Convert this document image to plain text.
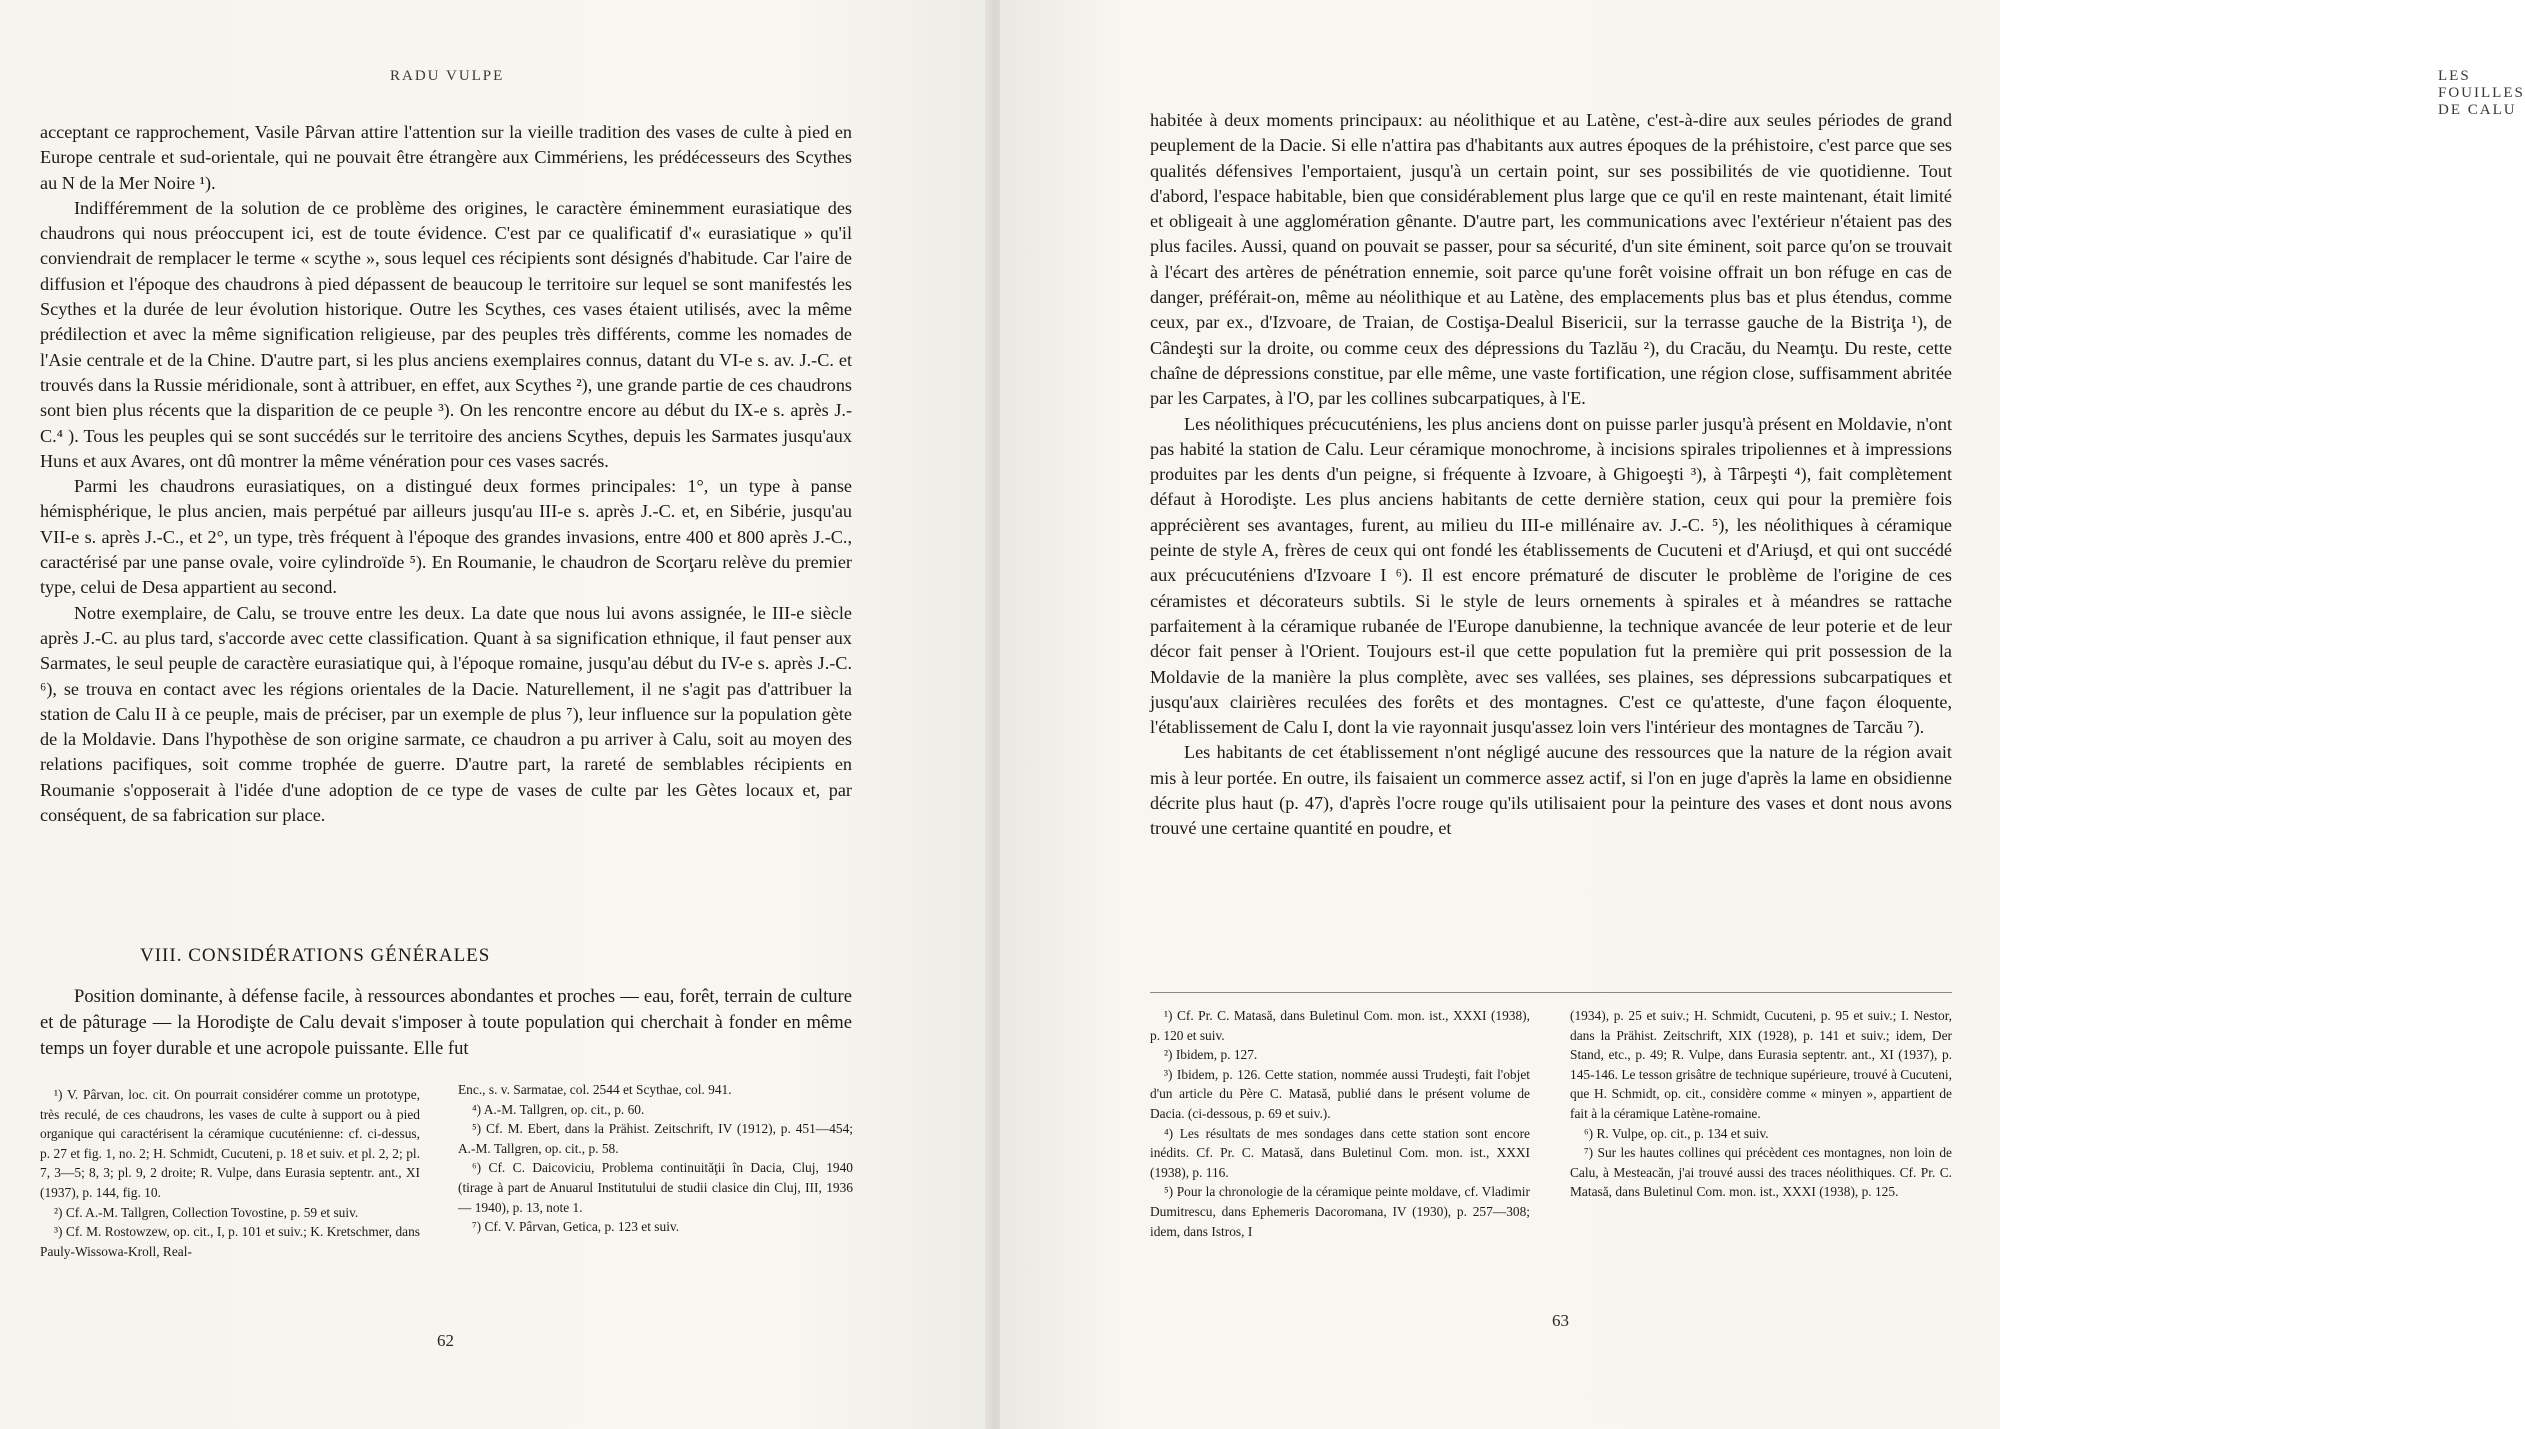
RADU VULPE

acceptant ce rapprochement, Vasile Pârvan attire l'attention sur la vieille tradition des vases de culte à pied en Europe centrale et sud-orientale, qui ne pouvait être étrangère aux Cimmériens, les prédécesseurs des Scythes au N de la Mer Noire ¹).

Indifféremment de la solution de ce problème des origines, le caractère éminemment eurasiatique des chaudrons qui nous préoccupent ici, est de toute évidence. C'est par ce qualificatif d'« eurasiatique » qu'il conviendrait de remplacer le terme « scythe », sous lequel ces récipients sont désignés d'habitude. Car l'aire de diffusion et l'époque des chaudrons à pied dépassent de beaucoup le territoire sur lequel se sont manifestés les Scythes et la durée de leur évolution historique. Outre les Scythes, ces vases étaient utilisés, avec la même prédilection et avec la même signification religieuse, par des peuples très différents, comme les nomades de l'Asie centrale et de la Chine. D'autre part, si les plus anciens exemplaires connus, datant du VI-e s. av. J.-C. et trouvés dans la Russie méridionale, sont à attribuer, en effet, aux Scythes ²), une grande partie de ces chaudrons sont bien plus récents que la disparition de ce peuple ³). On les rencontre encore au début du IX-e s. après J.-C.⁴ ). Tous les peuples qui se sont succédés sur le territoire des anciens Scythes, depuis les Sarmates jusqu'aux Huns et aux Avares, ont dû montrer la même vénération pour ces vases sacrés.

Parmi les chaudrons eurasiatiques, on a distingué deux formes principales: 1°, un type à panse hémisphérique, le plus ancien, mais perpétué par ailleurs jusqu'au III-e s. après J.-C. et, en Sibérie, jusqu'au VII-e s. après J.-C., et 2°, un type, très fréquent à l'époque des grandes invasions, entre 400 et 800 après J.-C., caractérisé par une panse ovale, voire cylindroïde ⁵). En Roumanie, le chaudron de Scorţaru relève du premier type, celui de Desa appartient au second.

Notre exemplaire, de Calu, se trouve entre les deux. La date que nous lui avons assignée, le III-e siècle après J.-C. au plus tard, s'accorde avec cette classification. Quant à sa signification ethnique, il faut penser aux Sarmates, le seul peuple de caractère eurasiatique qui, à l'époque romaine, jusqu'au début du IV-e s. après J.-C. ⁶), se trouva en contact avec les régions orientales de la Dacie. Naturellement, il ne s'agit pas d'attribuer la station de Calu II à ce peuple, mais de préciser, par un exemple de plus ⁷), leur influence sur la population gète de la Moldavie. Dans l'hypothèse de son origine sarmate, ce chaudron a pu arriver à Calu, soit au moyen des relations pacifiques, soit comme trophée de guerre. D'autre part, la rareté de semblables récipients en Roumanie s'opposerait à l'idée d'une adoption de ce type de vases de culte par les Gètes locaux et, par conséquent, de sa fabrication sur place.

VIII. CONSIDÉRATIONS GÉNÉRALES

Position dominante, à défense facile, à ressources abondantes et proches — eau, forêt, terrain de culture et de pâturage — la Horodişte de Calu devait s'imposer à toute population qui cherchait à fonder en même temps un foyer durable et une acropole puissante. Elle fut

¹) V. Pârvan, loc. cit. On pourrait considérer comme un prototype, très reculé, de ces chaudrons, les vases de culte à support ou à pied organique qui caractérisent la céramique cucuténienne: cf. ci-dessus, p. 27 et fig. 1, no. 2; H. Schmidt, Cucuteni, p. 18 et suiv. et pl. 2, 2; pl. 7, 3—5; 8, 3; pl. 9, 2 droite; R. Vulpe, dans Eurasia septentr. ant., XI (1937), p. 144, fig. 10.

²) Cf. A.-M. Tallgren, Collection Tovostine, p. 59 et suiv.

³) Cf. M. Rostowzew, op. cit., I, p. 101 et suiv.; K. Kretschmer, dans Pauly-Wissowa-Kroll, Real-

Enc., s. v. Sarmatae, col. 2544 et Scythae, col. 941.

⁴) A.-M. Tallgren, op. cit., p. 60.

⁵) Cf. M. Ebert, dans la Prähist. Zeitschrift, IV (1912), p. 451—454; A.-M. Tallgren, op. cit., p. 58.

⁶) Cf. C. Daicoviciu, Problema continuităţii în Dacia, Cluj, 1940 (tirage à part de Anuarul Institutului de studii clasice din Cluj, III, 1936 — 1940), p. 13, note 1.

⁷) Cf. V. Pârvan, Getica, p. 123 et suiv.

62
LES FOUILLES DE CALU

habitée à deux moments principaux: au néolithique et au Latène, c'est-à-dire aux seules périodes de grand peuplement de la Dacie. Si elle n'attira pas d'habitants aux autres époques de la préhistoire, c'est parce que ses qualités défensives l'emportaient, jusqu'à un certain point, sur ses possibilités de vie quotidienne. Tout d'abord, l'espace habitable, bien que considérablement plus large que ce qu'il en reste maintenant, était limité et obligeait à une agglomération gênante. D'autre part, les communications avec l'extérieur n'étaient pas des plus faciles. Aussi, quand on pouvait se passer, pour sa sécurité, d'un site éminent, soit parce qu'on se trouvait à l'écart des artères de pénétration ennemie, soit parce qu'une forêt voisine offrait un bon réfuge en cas de danger, préférait-on, même au néolithique et au Latène, des emplacements plus bas et plus étendus, comme ceux, par ex., d'Izvoare, de Traian, de Costişa-Dealul Bisericii, sur la terrasse gauche de la Bistriţa ¹), de Cândeşti sur la droite, ou comme ceux des dépressions du Tazlău ²), du Cracău, du Neamţu. Du reste, cette chaîne de dépressions constitue, par elle même, une vaste fortification, une région close, suffisamment abritée par les Carpates, à l'O, par les collines subcarpatiques, à l'E.

Les néolithiques précucuténiens, les plus anciens dont on puisse parler jusqu'à présent en Moldavie, n'ont pas habité la station de Calu. Leur céramique monochrome, à incisions spirales tripoliennes et à impressions produites par les dents d'un peigne, si fréquente à Izvoare, à Ghigoeşti ³), à Târpeşti ⁴), fait complètement défaut à Horodişte. Les plus anciens habitants de cette dernière station, ceux qui pour la première fois apprécièrent ses avantages, furent, au milieu du III-e millénaire av. J.-C. ⁵), les néolithiques à céramique peinte de style A, frères de ceux qui ont fondé les établissements de Cucuteni et d'Ariuşd, et qui ont succédé aux précucuténiens d'Izvoare I ⁶). Il est encore prématuré de discuter le problème de l'origine de ces céramistes et décorateurs subtils. Si le style de leurs ornements à spirales et à méandres se rattache parfaitement à la céramique rubanée de l'Europe danubienne, la technique avancée de leur poterie et de leur décor fait penser à l'Orient. Toujours est-il que cette population fut la première qui prit possession de la Moldavie de la manière la plus complète, avec ses vallées, ses plaines, ses dépressions subcarpatiques et jusqu'aux clairières reculées des forêts et des montagnes. C'est ce qu'atteste, d'une façon éloquente, l'établissement de Calu I, dont la vie rayonnait jusqu'assez loin vers l'intérieur des montagnes de Tarcău ⁷).

Les habitants de cet établissement n'ont négligé aucune des ressources que la nature de la région avait mis à leur portée. En outre, ils faisaient un commerce assez actif, si l'on en juge d'après la lame en obsidienne décrite plus haut (p. 47), d'après l'ocre rouge qu'ils utilisaient pour la peinture des vases et dont nous avons trouvé une certaine quantité en poudre, et

¹) Cf. Pr. C. Matasă, dans Buletinul Com. mon. ist., XXXI (1938), p. 120 et suiv.

²) Ibidem, p. 127.

³) Ibidem, p. 126. Cette station, nommée aussi Trudeşti, fait l'objet d'un article du Père C. Matasă, publié dans le présent volume de Dacia. (ci-dessous, p. 69 et suiv.).

⁴) Les résultats de mes sondages dans cette station sont encore inédits. Cf. Pr. C. Matasă, dans Buletinul Com. mon. ist., XXXI (1938), p. 116.

⁵) Pour la chronologie de la céramique peinte moldave, cf. Vladimir Dumitrescu, dans Ephemeris Dacoromana, IV (1930), p. 257—308; idem, dans Istros, I

(1934), p. 25 et suiv.; H. Schmidt, Cucuteni, p. 95 et suiv.; I. Nestor, dans la Prähist. Zeitschrift, XIX (1928), p. 141 et suiv.; idem, Der Stand, etc., p. 49; R. Vulpe, dans Eurasia septentr. ant., XI (1937), p. 145-146. Le tesson grisâtre de technique supérieure, trouvé à Cucuteni, que H. Schmidt, op. cit., considère comme « minyen », appartient de fait à la céramique Latène-romaine.

⁶) R. Vulpe, op. cit., p. 134 et suiv.

⁷) Sur les hautes collines qui précèdent ces montagnes, non loin de Calu, à Mesteacăn, j'ai trouvé aussi des traces néolithiques. Cf. Pr. C. Matasă, dans Buletinul Com. mon. ist., XXXI (1938), p. 125.

63
